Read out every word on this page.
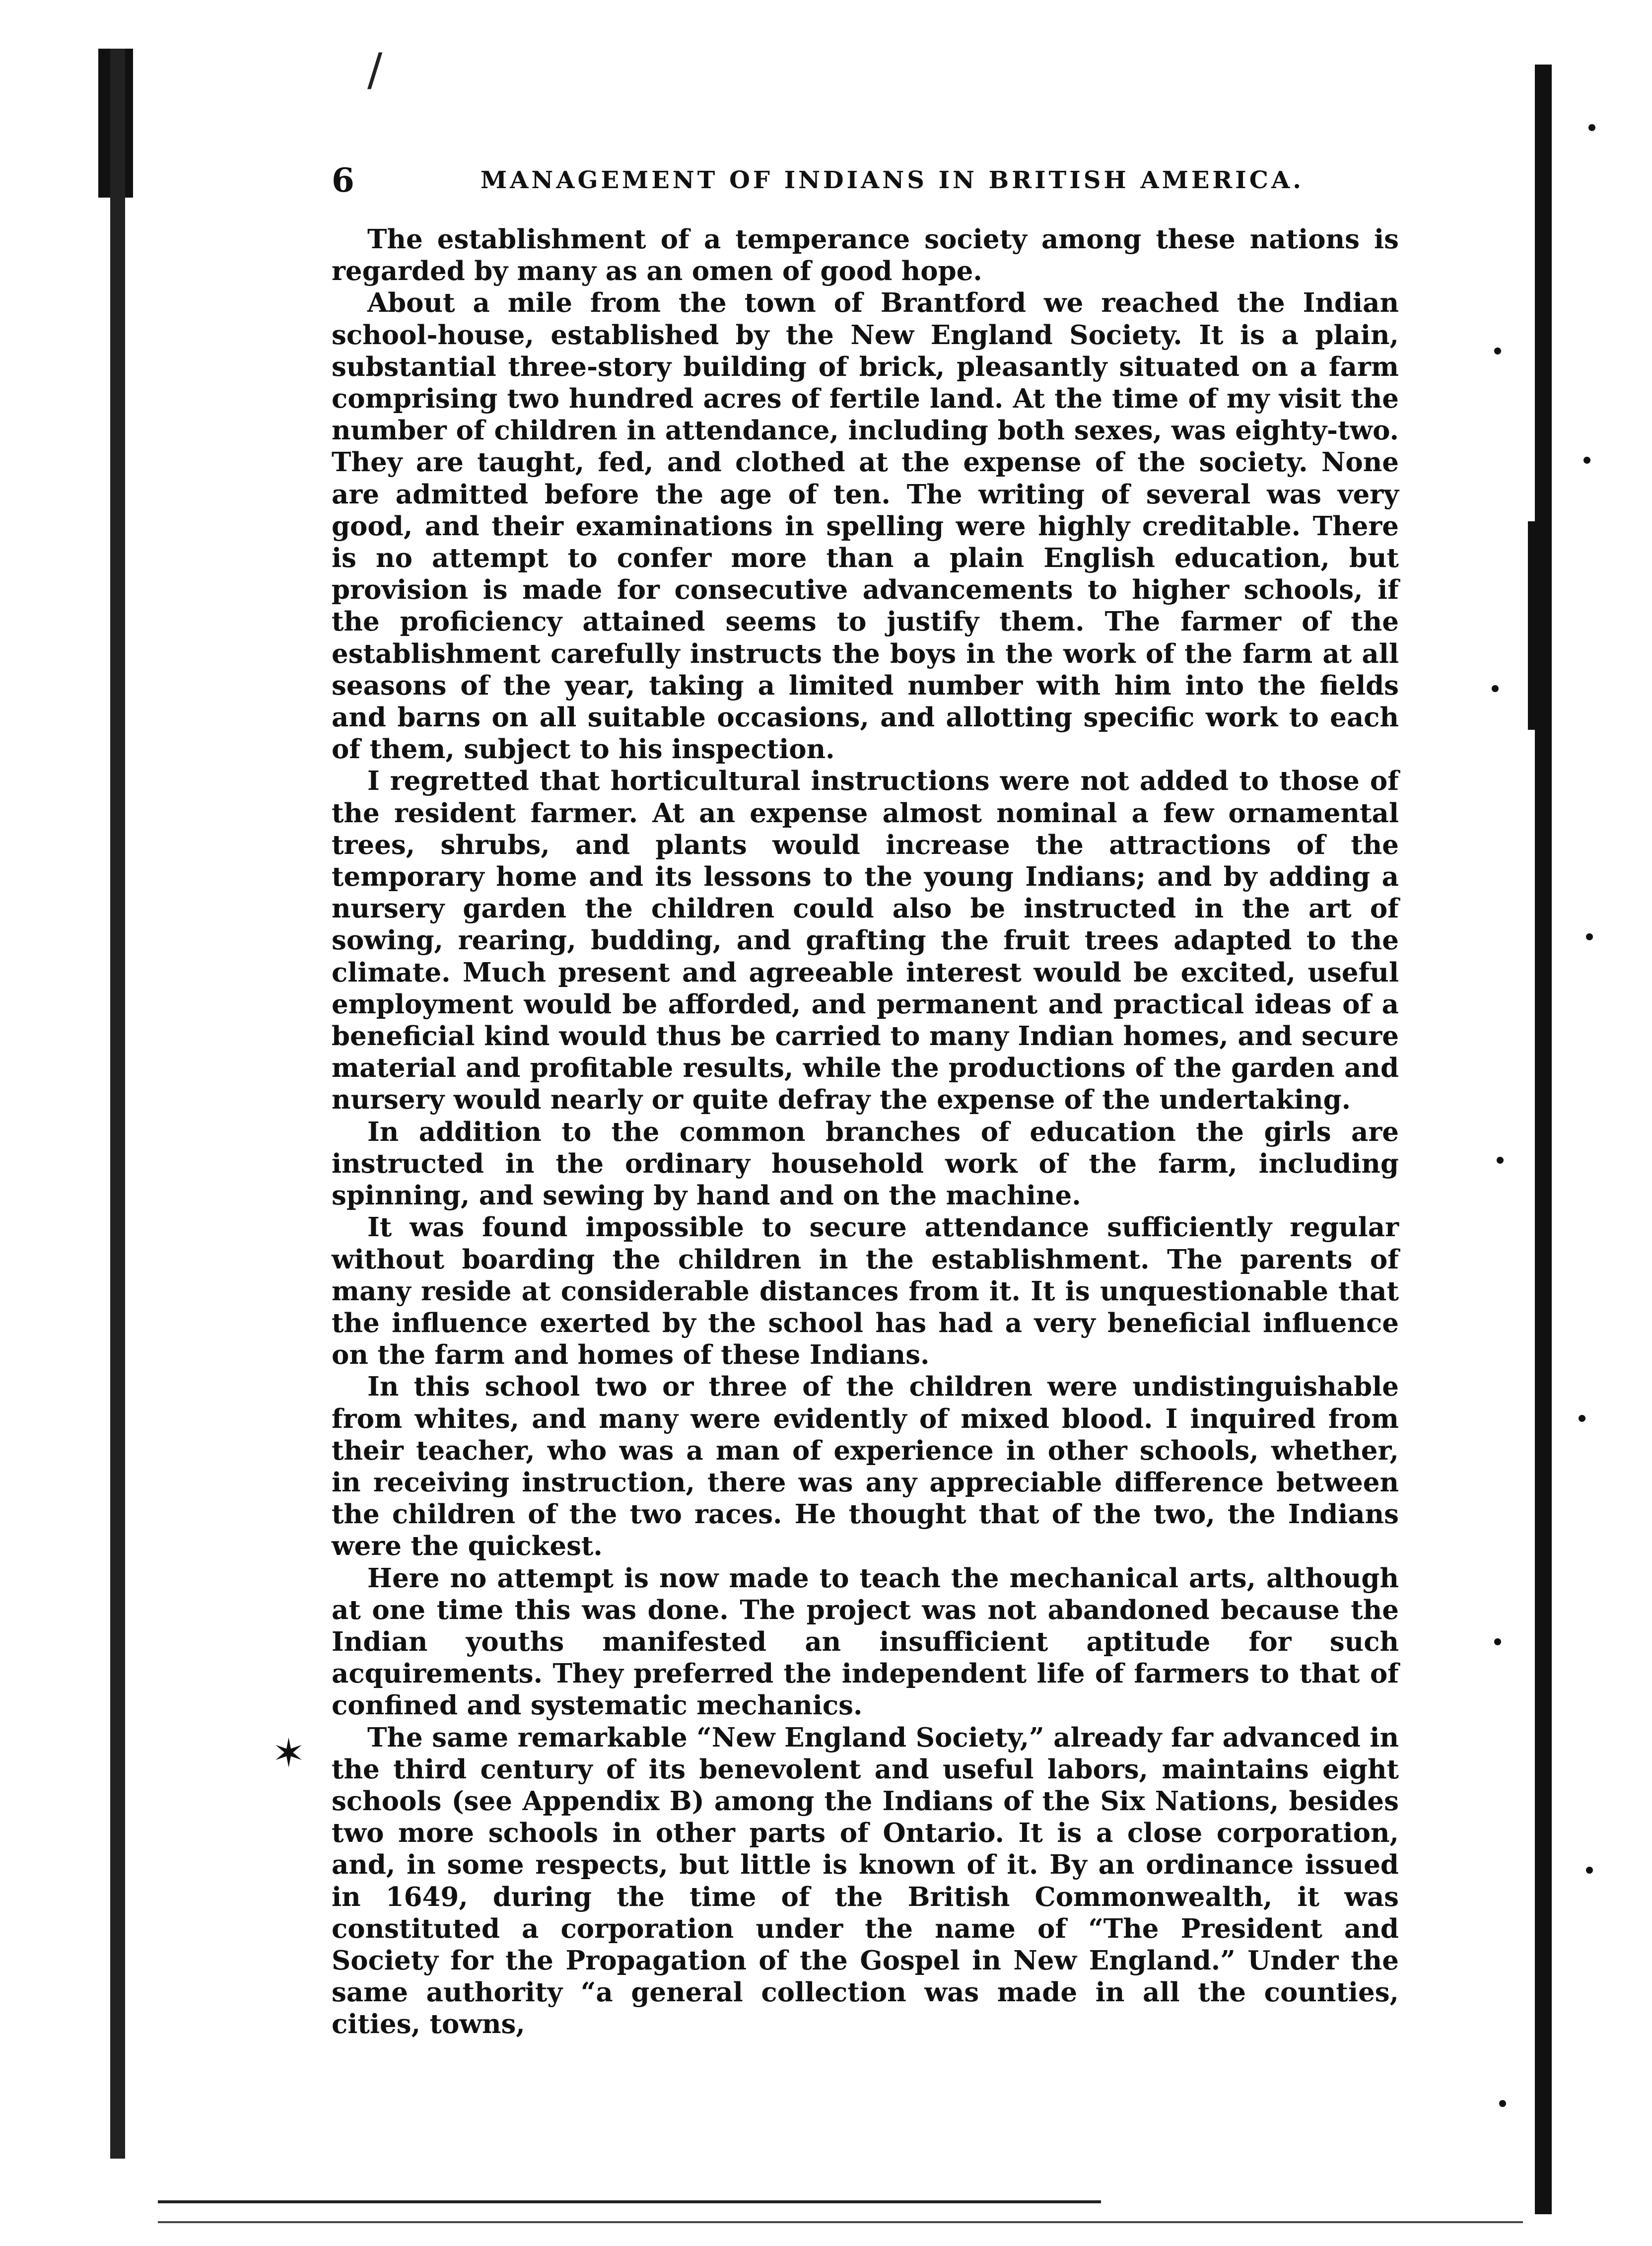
/
6	MANAGEMENT OF INDIANS IN BRITISH AMERICA.

The establishment of a temperance society among these nations is regarded by many as an omen of good hope.

About a mile from the town of Brantford we reached the Indian school-house, established by the New England Society. It is a plain, substantial three-story building of brick, pleasantly situated on a farm comprising two hundred acres of fertile land. At the time of my visit the number of children in attendance, including both sexes, was eighty-two. They are taught, fed, and clothed at the expense of the society. None are admitted before the age of ten. The writing of several was very good, and their examinations in spelling were highly creditable. There is no attempt to confer more than a plain English education, but provision is made for consecutive advancements to higher schools, if the proficiency attained seems to justify them. The farmer of the establishment carefully instructs the boys in the work of the farm at all seasons of the year, taking a limited number with him into the fields and barns on all suitable occasions, and allotting specific work to each of them, subject to his inspection.

I regretted that horticultural instructions were not added to those of the resident farmer. At an expense almost nominal a few ornamental trees, shrubs, and plants would increase the attractions of the temporary home and its lessons to the young Indians; and by adding a nursery garden the children could also be instructed in the art of sowing, rearing, budding, and grafting the fruit trees adapted to the climate. Much present and agreeable interest would be excited, useful employment would be afforded, and permanent and practical ideas of a beneficial kind would thus be carried to many Indian homes, and secure material and profitable results, while the productions of the garden and nursery would nearly or quite defray the expense of the undertaking.

In addition to the common branches of education the girls are instructed in the ordinary household work of the farm, including spinning, and sewing by hand and on the machine.

It was found impossible to secure attendance sufficiently regular without boarding the children in the establishment. The parents of many reside at considerable distances from it. It is unquestionable that the influence exerted by the school has had a very beneficial influence on the farm and homes of these Indians.

In this school two or three of the children were undistinguishable from whites, and many were evidently of mixed blood. I inquired from their teacher, who was a man of experience in other schools, whether, in receiving instruction, there was any appreciable difference between the children of the two races. He thought that of the two, the Indians were the quickest.

Here no attempt is now made to teach the mechanical arts, although at one time this was done. The project was not abandoned because the Indian youths manifested an insufficient aptitude for such acquirements. They preferred the independent life of farmers to that of confined and systematic mechanics.

The same remarkable “New England Society,” already far advanced in the third century of its benevolent and useful labors, maintains eight schools (see Appendix B) among the Indians of the Six Nations, besides two more schools in other parts of Ontario. It is a close corporation, and, in some respects, but little is known of it. By an ordinance issued in 1649, during the time of the British Commonwealth, it was constituted a corporation under the name of “The President and Society for the Propagation of the Gospel in New England.” Under the same authority “a general collection was made in all the counties, cities, towns,

✶
